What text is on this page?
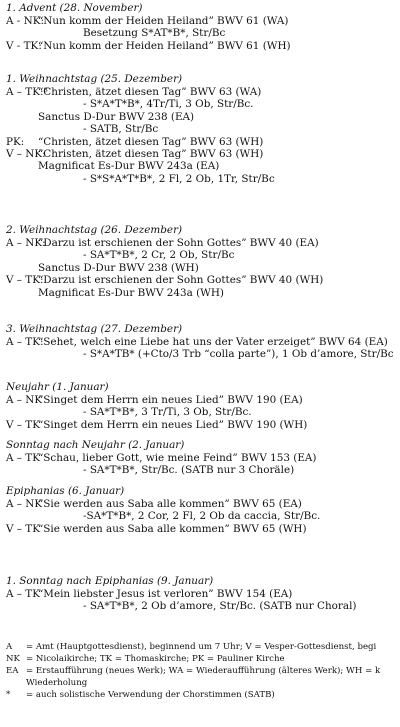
1. Advent (28. November)
A - NK:
“Nun komm der Heiden Heiland” BWV 61 (WA)
Besetzung S*AT*B*, Str/Bc
V - TK:
“Nun komm der Heiden Heiland” BWV 61 (WH)
1. Weihnachtstag (25. Dezember)
A – TK:⁸
“Christen, ätzet diesen Tag” BWV 63 (WA)
- S*A*T*B*, 4Tr/Ti, 3 Ob, Str/Bc.
Sanctus D-Dur BWV 238 (EA)
- SATB, Str/Bc
PK: “Christen, ätzet diesen Tag” BWV 63 (WH)
V – NK:
“Christen, ätzet diesen Tag” BWV 63 (WH)
Magnificat Es-Dur BWV 243a (EA)
- S*S*A*T*B*, 2 Fl, 2 Ob, 1Tr, Str/Bc
2. Weihnachtstag (26. Dezember)
A – NK:
“Darzu ist erschienen der Sohn Gottes” BWV 40 (EA)
- SA*T*B*, 2 Cr, 2 Ob, Str/Bc
Sanctus D-Dur BWV 238 (WH)
V – TK:
“Darzu ist erschienen der Sohn Gottes” BWV 40 (WH)
Magnificat Es-Dur BWV 243a (WH)
3. Weihnachtstag (27. Dezember)
A – TK:
“Sehet, welch eine Liebe hat uns der Vater erzeiget” BWV 64 (EA)
- S*A*TB* (+Cto/3 Trb “colla parte”), 1 Ob d’amore, Str/Bc
Neujahr (1. Januar)
A – NK
“Singet dem Herrn ein neues Lied” BWV 190 (EA)
- SA*T*B*, 3 Tr/Ti, 3 Ob, Str/Bc.
V – TK
“Singet dem Herrn ein neues Lied” BWV 190 (WH)
Sonntag nach Neujahr (2. Januar)
A – TK
“Schau, lieber Gott, wie meine Feind” BWV 153 (EA)
- SA*T*B*, Str/Bc. (SATB nur 3 Choräle)
Epiphanias (6. Januar)
A – NK
“Sie werden aus Saba alle kommen” BWV 65 (EA)
-SA*T*B*, 2 Cor, 2 Fl, 2 Ob da caccia, Str/Bc.
V – TK
“Sie werden aus Saba alle kommen” BWV 65 (WH)
1. Sonntag nach Epiphanias (9. Januar)
A – TK
“Mein liebster Jesus ist verloren” BWV 154 (EA)
- SA*T*B*, 2 Ob d’amore, Str/Bc. (SATB nur Choral)
A = Amt (Hauptgottesdienst), beginnend um 7 Uhr; V = Vesper-Gottesdienst, begi
NK = Nicolaikirche; TK = Thomaskirche; PK = Pauliner Kirche
EA = Erstaufführung (neues Werk); WA = Wiederaufführung (älteres Werk); WH = k
Wiederholung
* = auch solistische Verwendung der Chorstimmen (SATB)
